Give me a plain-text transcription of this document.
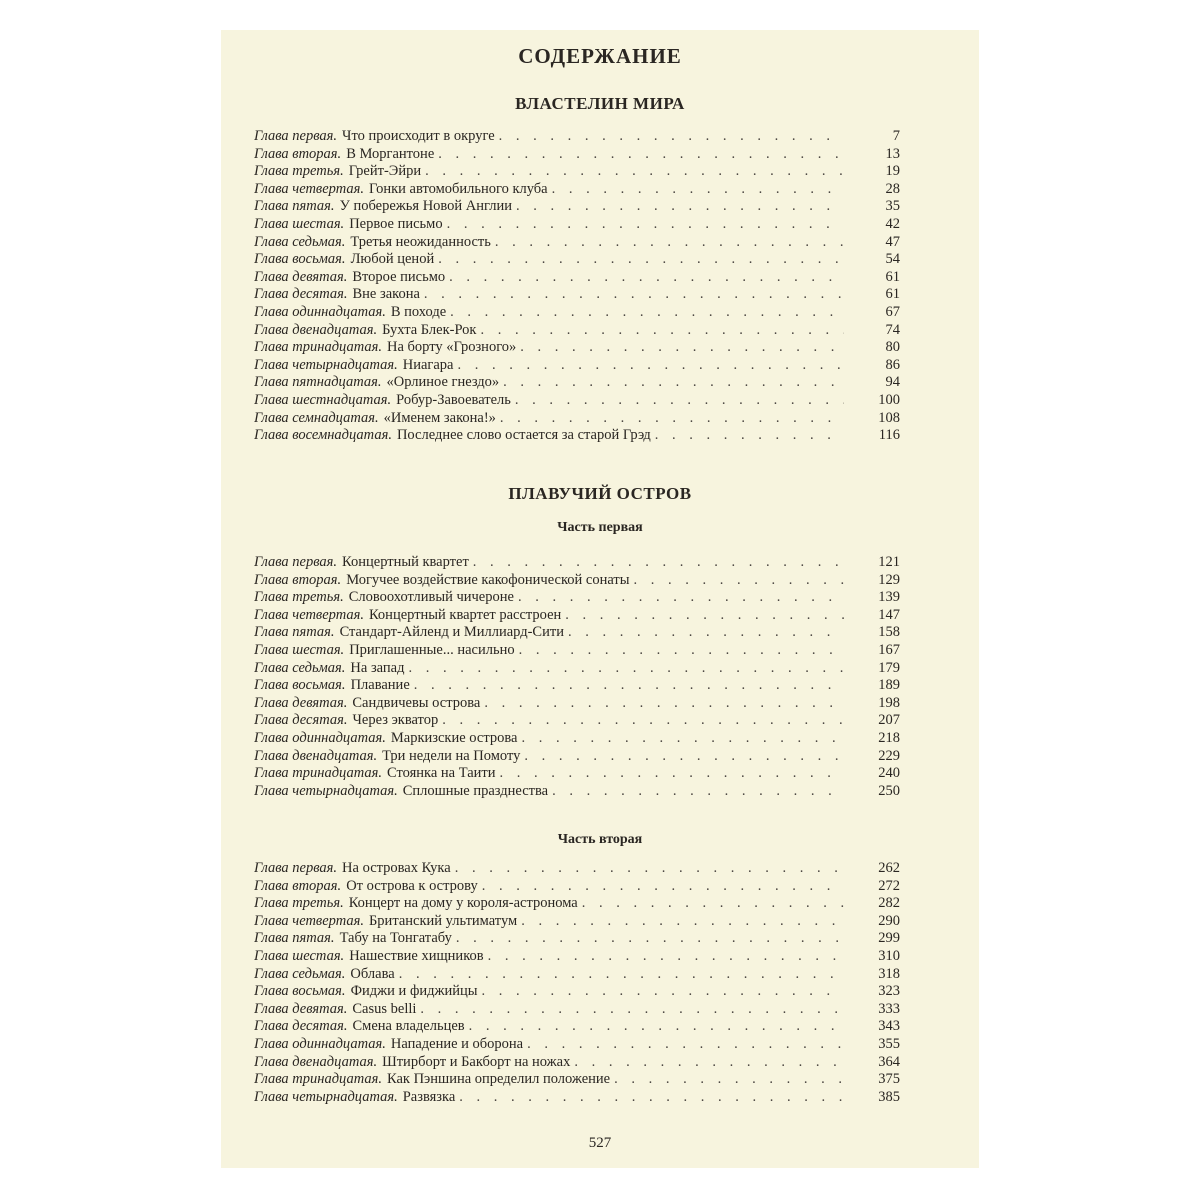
СОДЕРЖАНИЕ
ВЛАСТЕЛИН МИРА
Глава первая. Что происходит в округе . . .	7
Глава вторая. В Моргантоне . . .	13
Глава третья. Грейт-Эйри . . .	19
Глава четвертая. Гонки автомобильного клуба . . .	28
Глава пятая. У побережья Новой Англии . . .	35
Глава шестая. Первое письмо . . .	42
Глава седьмая. Третья неожиданность . . .	47
Глава восьмая. Любой ценой . . .	54
Глава девятая. Второе письмо . . .	61
Глава десятая. Вне закона . . .	61
Глава одиннадцатая. В походе . . .	67
Глава двенадцатая. Бухта Блек-Рок . . .	74
Глава тринадцатая. На борту «Грозного» . . .	80
Глава четырнадцатая. Ниагара . . .	86
Глава пятнадцатая. «Орлиное гнездо» . . .	94
Глава шестнадцатая. Робур-Завоеватель . . .	100
Глава семнадцатая. «Именем закона!» . . .	108
Глава восемнадцатая. Последнее слово остается за старой Грэд . . .	116
ПЛАВУЧИЙ ОСТРОВ
Часть первая
Глава первая. Концертный квартет . . .	121
Глава вторая. Могучее воздействие какофонической сонаты . . .	129
Глава третья. Словоохотливый чичероне . . .	139
Глава четвертая. Концертный квартет расстроен . . .	147
Глава пятая. Стандарт-Айленд и Миллиард-Сити . . .	158
Глава шестая. Приглашенные... насильно . . .	167
Глава седьмая. На запад . . .	179
Глава восьмая. Плавание . . .	189
Глава девятая. Сандвичевы острова . . .	198
Глава десятая. Через экватор . . .	207
Глава одиннадцатая. Маркизские острова . . .	218
Глава двенадцатая. Три недели на Помоту . . .	229
Глава тринадцатая. Стоянка на Таити . . .	240
Глава четырнадцатая. Сплошные празднества . . .	250
Часть вторая
Глава первая. На островах Кука . . .	262
Глава вторая. От острова к острову . . .	272
Глава третья. Концерт на дому у короля-астронома . . .	282
Глава четвертая. Британский ультиматум . . .	290
Глава пятая. Табу на Тонгатабу . . .	299
Глава шестая. Нашествие хищников . . .	310
Глава седьмая. Облава . . .	318
Глава восьмая. Фиджи и фиджийцы . . .	323
Глава девятая. Casus belli . . .	333
Глава десятая. Смена владельцев . . .	343
Глава одиннадцатая. Нападение и оборона . . .	355
Глава двенадцатая. Штирборт и Бакборт на ножах . . .	364
Глава тринадцатая. Как Пэншина определил положение . . .	375
Глава четырнадцатая. Развязка . . .	385
527
